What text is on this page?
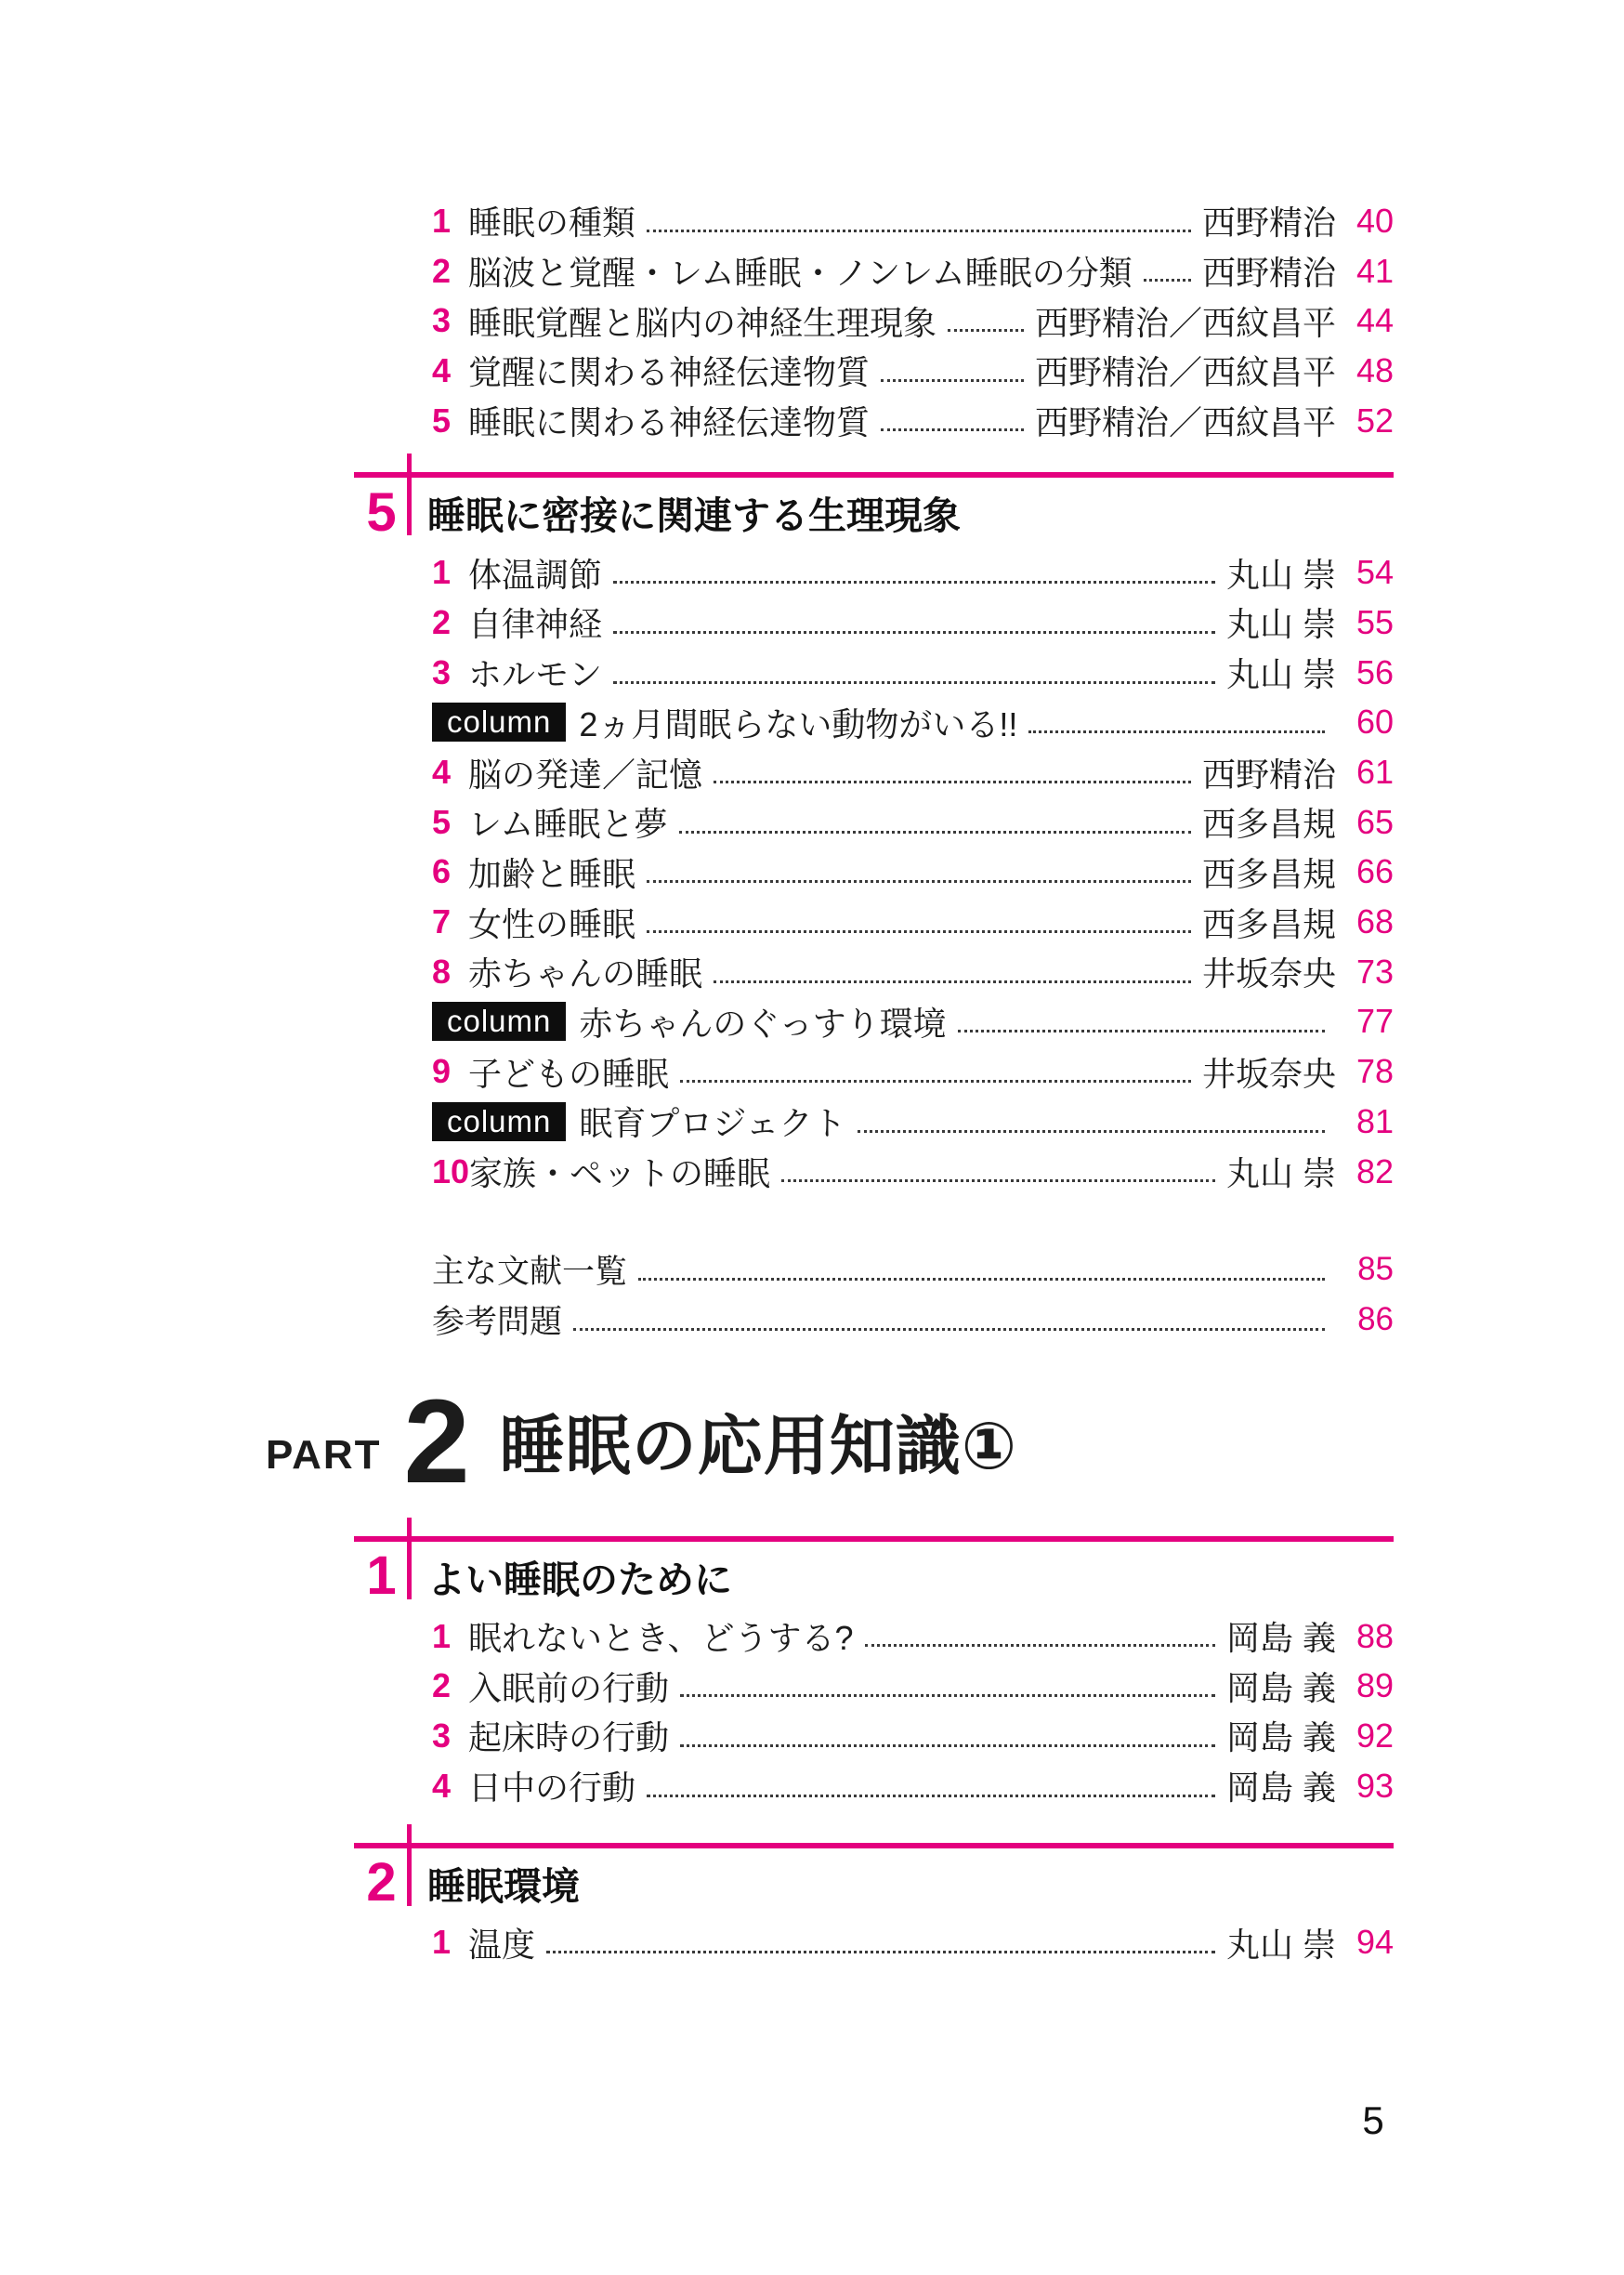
1 睡眠の種類	西野精治 40
2 脳波と覚醒・レム睡眠・ノンレム睡眠の分類 西野精治 41
3 睡眠覚醒と脳内の神経生理現象	西野精治／西紋昌平 44
4 覚醒に関わる神経伝達物質	西野精治／西紋昌平 48
5 睡眠に関わる神経伝達物質	西野精治／西紋昌平 52
5 睡眠に密接に関連する生理現象
1 体温調節	丸山 崇 54
2 自律神経	丸山 崇 55
3 ホルモン	丸山 崇 56
column 2ヵ月間眠らない動物がいる!!	60
4 脳の発達／記憶	西野精治 61
5 レム睡眠と夢	西多昌規 65
6 加齢と睡眠	西多昌規 66
7 女性の睡眠	西多昌規 68
8 赤ちゃんの睡眠	井坂奈央 73
column 赤ちゃんのぐっすり環境	77
9 子どもの睡眠	井坂奈央 78
column 眠育プロジェクト	81
10 家族・ペットの睡眠	丸山 崇 82
主な文献一覧	85
参考問題	86
PART 2 睡眠の応用知識①
1 よい睡眠のために
1 眠れないとき、どうする?	岡島 義 88
2 入眠前の行動	岡島 義 89
3 起床時の行動	岡島 義 92
4 日中の行動	岡島 義 93
2 睡眠環境
1 温度	丸山 崇 94
5
